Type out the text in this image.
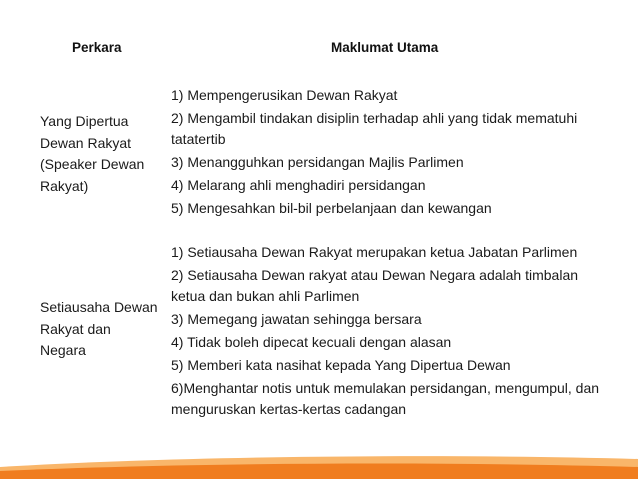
Perkara	Maklumat Utama
Yang Dipertua Dewan Rakyat (Speaker Dewan Rakyat)
1) Mempengerusikan Dewan Rakyat
2) Mengambil tindakan disiplin terhadap ahli yang tidak mematuhi tatatertib
3) Menangguhkan persidangan Majlis Parlimen
4) Melarang ahli menghadiri persidangan
5) Mengesahkan bil-bil perbelanjaan dan kewangan
Setiausaha Dewan Rakyat dan Negara
1) Setiausaha Dewan Rakyat merupakan ketua Jabatan Parlimen
2) Setiausaha Dewan rakyat atau Dewan Negara adalah timbalan ketua dan bukan ahli Parlimen
3) Memegang jawatan sehingga bersara
4) Tidak boleh dipecat kecuali dengan alasan
5) Memberi kata nasihat kepada Yang Dipertua Dewan
6)Menghantar notis untuk memulakan persidangan, mengumpul, dan menguruskan kertas-kertas cadangan
